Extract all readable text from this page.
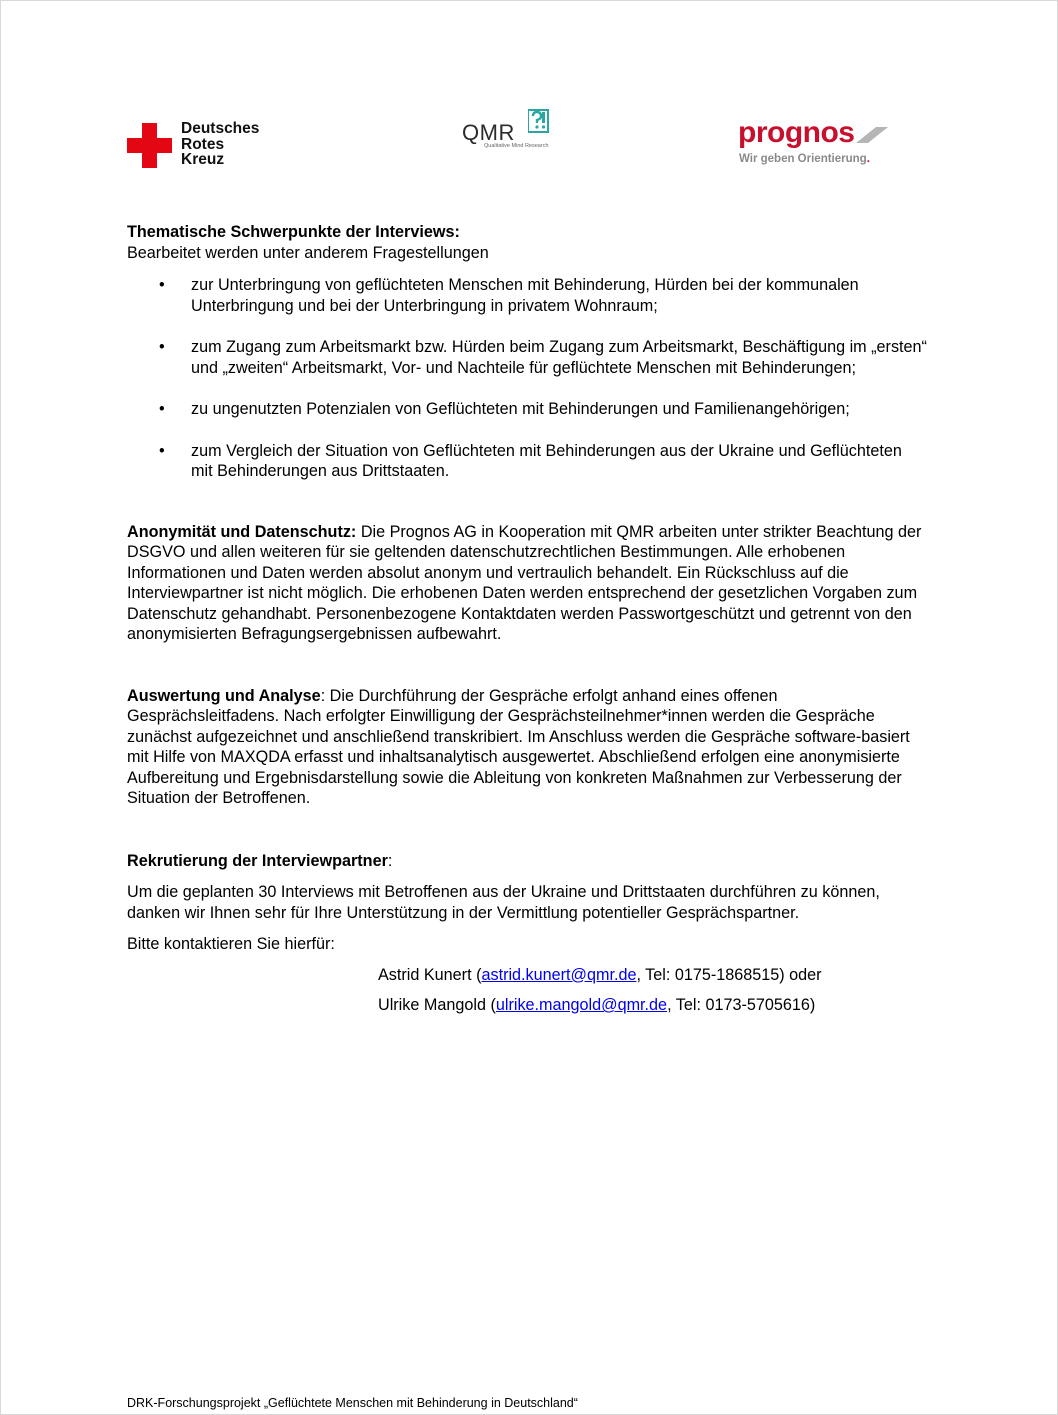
Deutsches
Rotes
Kreuz
QMR
Qualitative Mind Research	prognos
Wir geben Orientierung.
Thematische Schwerpunkte der Interviews:
Bearbeitet werden unter anderem Fragestellungen
• zur Unterbringung von geflüchteten Menschen mit Behinderung, Hürden bei der kommunalen Unterbringung und bei der Unterbringung in privatem Wohnraum;
• zum Zugang zum Arbeitsmarkt bzw. Hürden beim Zugang zum Arbeitsmarkt, Beschäftigung im „ersten“ und „zweiten“ Arbeitsmarkt, Vor- und Nachteile für geflüchtete Menschen mit Behinderungen;
• zu ungenutzten Potenzialen von Geflüchteten mit Behinderungen und Familienangehörigen;
• zum Vergleich der Situation von Geflüchteten mit Behinderungen aus der Ukraine und Geflüchteten mit Behinderungen aus Drittstaaten.
Anonymität und Datenschutz: Die Prognos AG in Kooperation mit QMR arbeiten unter strikter Beachtung der DSGVO und allen weiteren für sie geltenden datenschutzrechtlichen Bestimmungen. Alle erhobenen Informationen und Daten werden absolut anonym und vertraulich behandelt. Ein Rückschluss auf die Interviewpartner ist nicht möglich. Die erhobenen Daten werden entsprechend der gesetzlichen Vorgaben zum Datenschutz gehandhabt. Personenbezogene Kontaktdaten werden Passwortgeschützt und getrennt von den anonymisierten Befragungsergebnissen aufbewahrt.
Auswertung und Analyse: Die Durchführung der Gespräche erfolgt anhand eines offenen Gesprächsleitfadens. Nach erfolgter Einwilligung der Gesprächsteilnehmer*innen werden die Gespräche zunächst aufgezeichnet und anschließend transkribiert. Im Anschluss werden die Gespräche software-basiert mit Hilfe von MAXQDA erfasst und inhaltsanalytisch ausgewertet. Abschließend erfolgen eine anonymisierte Aufbereitung und Ergebnisdarstellung sowie die Ableitung von konkreten Maßnahmen zur Verbesserung der Situation der Betroffenen.
Rekrutierung der Interviewpartner:
Um die geplanten 30 Interviews mit Betroffenen aus der Ukraine und Drittstaaten durchführen zu können, danken wir Ihnen sehr für Ihre Unterstützung in der Vermittlung potentieller Gesprächspartner.
Bitte kontaktieren Sie hierfür:
Astrid Kunert (astrid.kunert@qmr.de, Tel: 0175-1868515) oder
Ulrike Mangold (ulrike.mangold@qmr.de, Tel: 0173-5705616)
DRK-Forschungsprojekt „Geflüchtete Menschen mit Behinderung in Deutschland“
